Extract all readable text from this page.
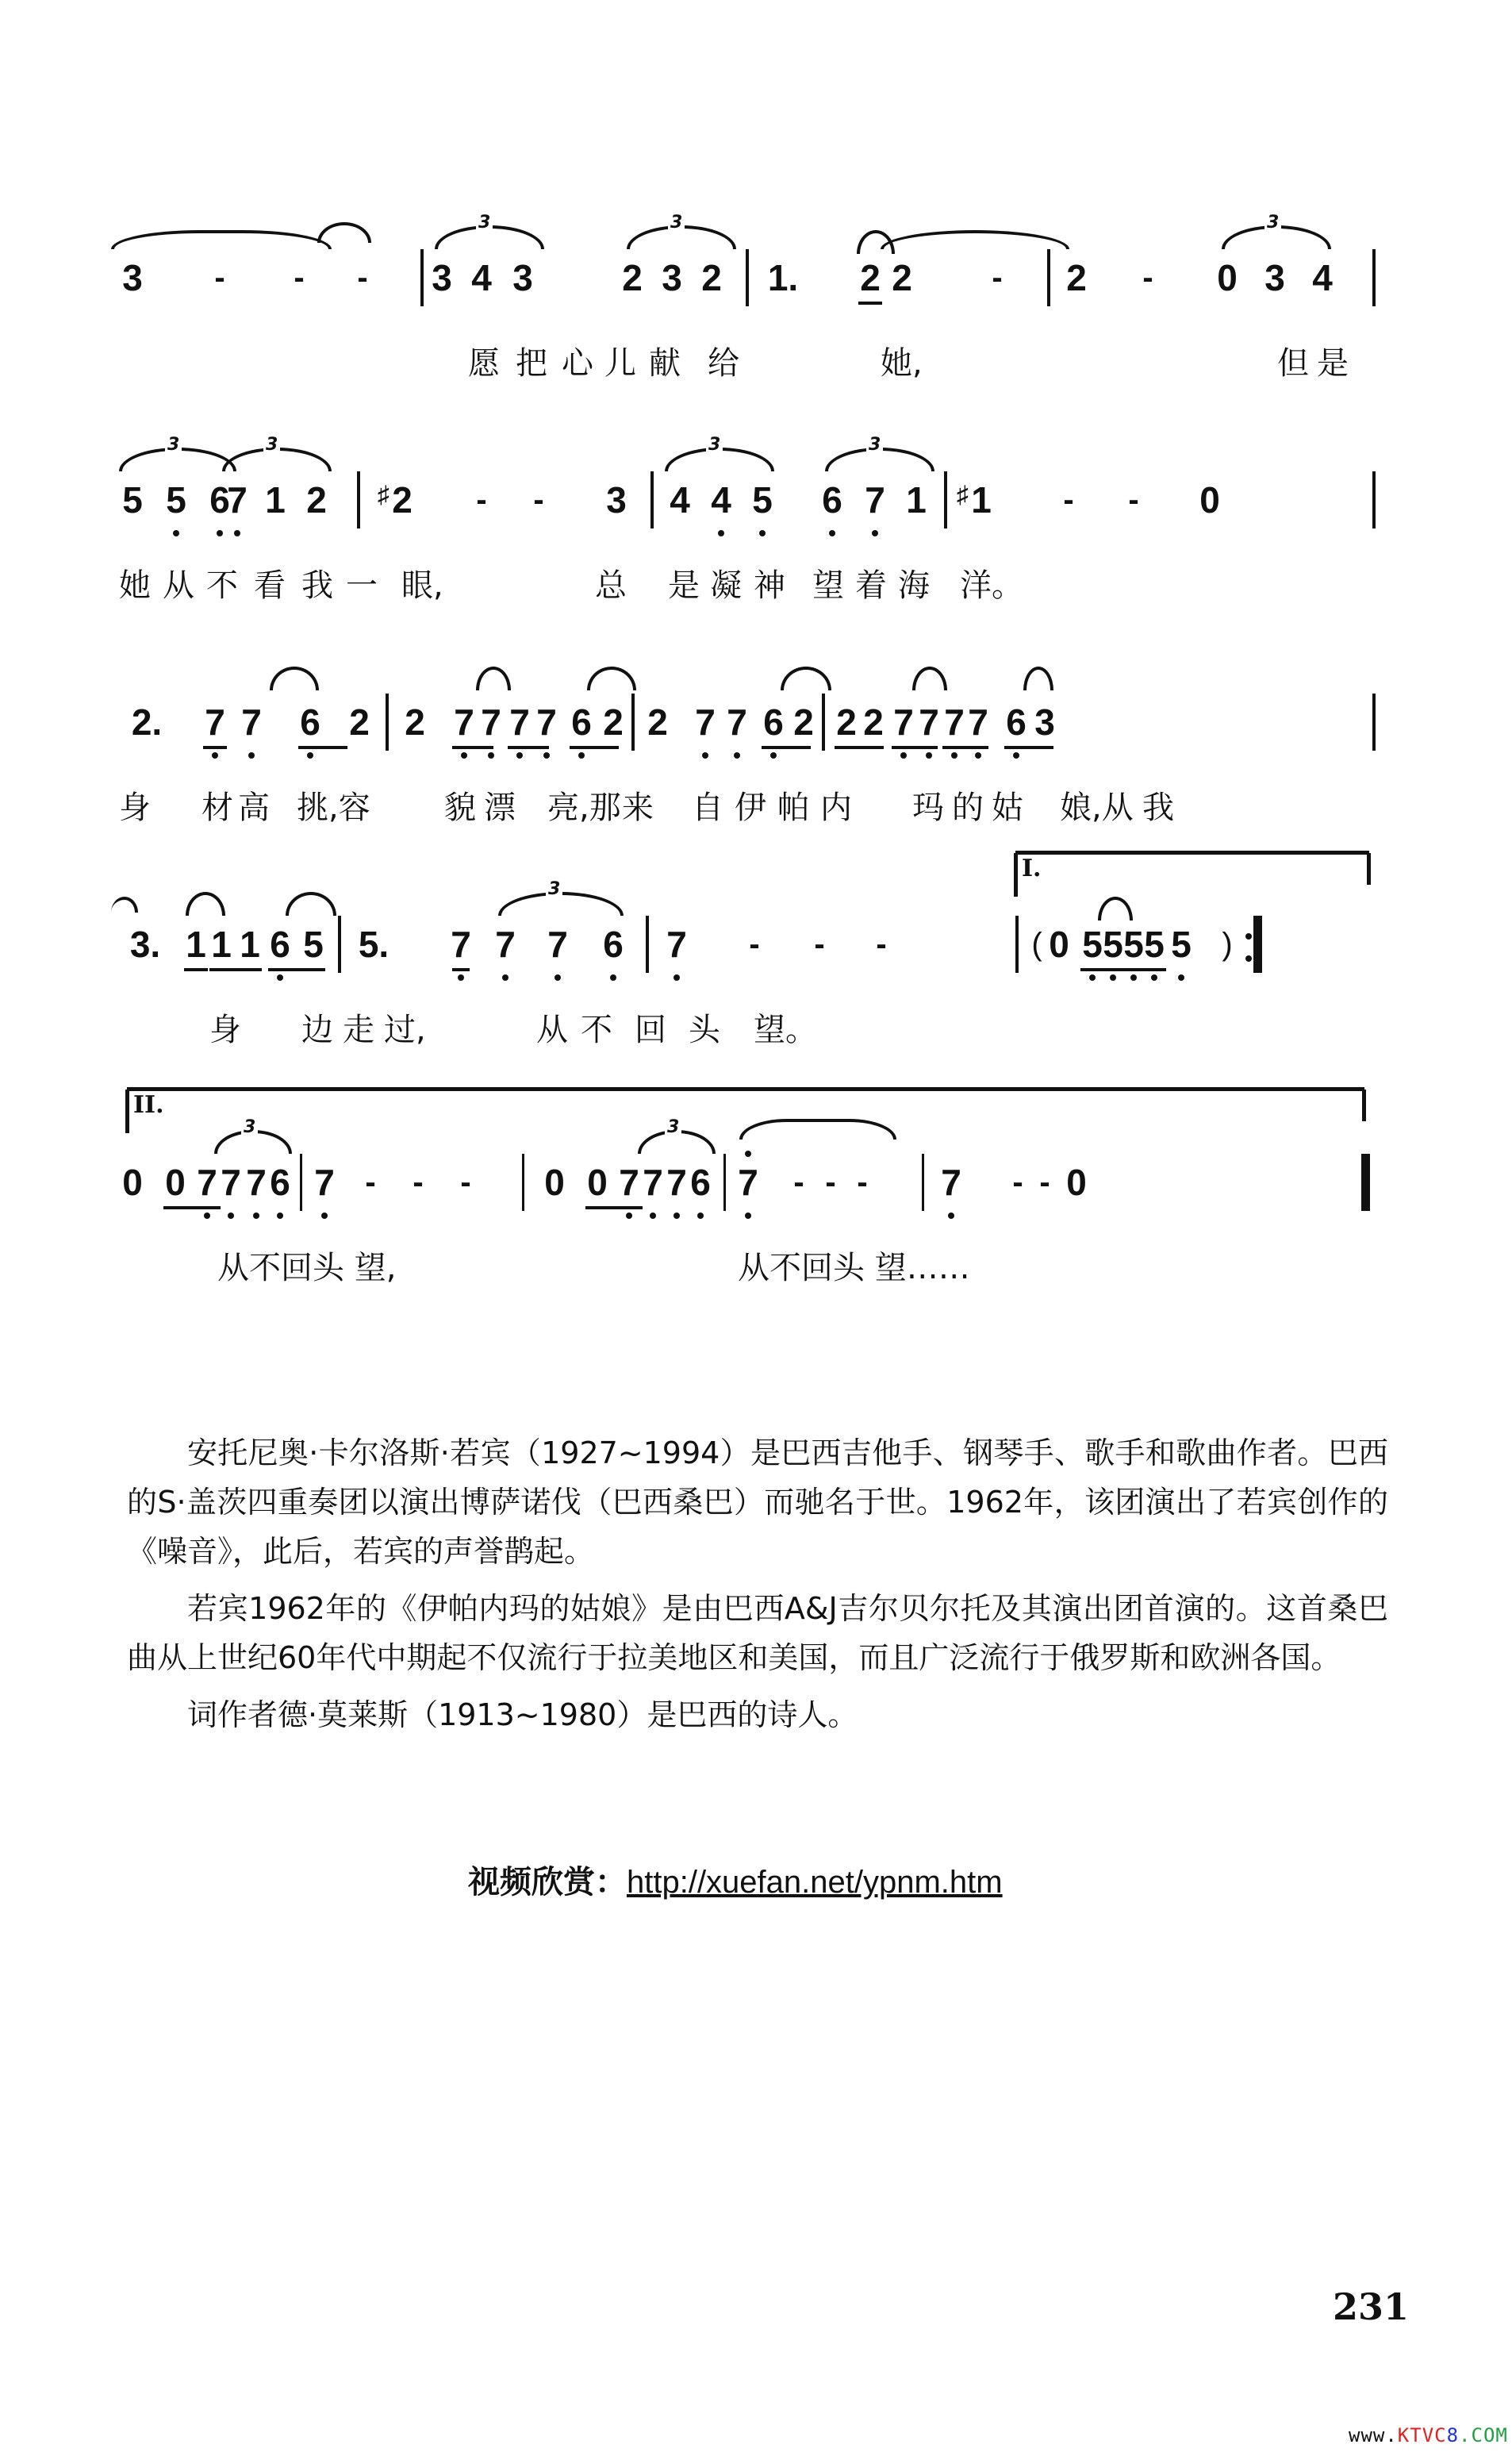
3 - - -
3
3 4 3
3
2 3 2 1. 2 2	- 2 -
3
0 3 4
愿 把 心 儿 献 给	她,	但 是
3
5 5 6
3
7 1 2 ♯ 2 - - 3
3
4 4 5
3
6 7 1 ♯ 1 - - 0
她 从 不 看 我 一 眼,	总 是 凝 神 望 着 海 洋。
2. 7 7 6 2 2 7 7 7 7 6 2 2 7 7 6 2 2 2 7 7 7 7 6 3
身 材 高 挑,容 貌 漂 亮,那 来 自 伊 帕 内 玛 的 姑 娘,从 我
I.
3. 1 1 1 6 5 5.
3
7 7 7 6 7 - - -	( 0 5 5 5 5 5 )
身 边 走 过,	从 不 回 头 望。
II.
0 0 7
3
7 7 6 7 - - - 0 0 7
3
7 7 6 7 - - - 7 - - 0
从不回头 望,	从不回头 望……

安托尼奥·卡尔洛斯·若宾（1927~1994）是巴西吉他手、钢琴手、歌手和歌曲作者。巴西的S·盖茨四重奏团以演出博萨诺伐（巴西桑巴）而驰名于世。1962年，该团演出了若宾创作的《噪音》，此后，若宾的声誉鹊起。

若宾1962年的《伊帕内玛的姑娘》是由巴西A&J吉尔贝尔托及其演出团首演的。这首桑巴曲从上世纪60年代中期起不仅流行于拉美地区和美国，而且广泛流行于俄罗斯和欧洲各国。

词作者德·莫莱斯（1913~1980）是巴西的诗人。

视频欣赏：http://xuefan.net/ypnm.htm
231
www.KTVC8.COM
